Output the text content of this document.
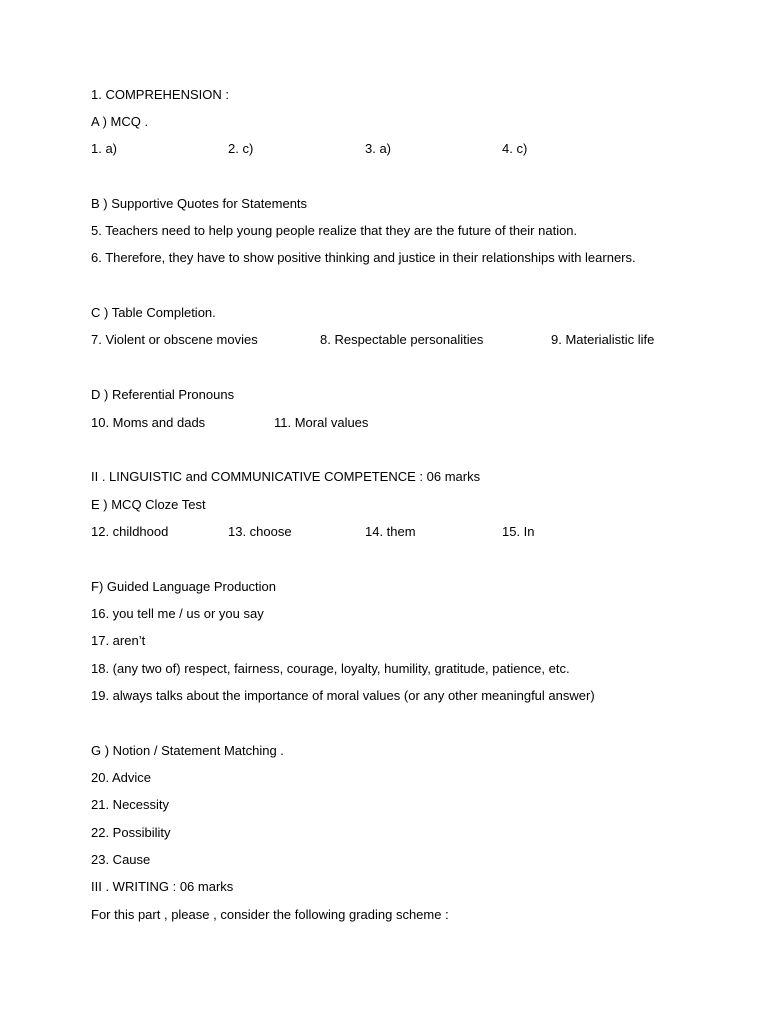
1. COMPREHENSION :
A ) MCQ .
1. a)	2. c)	3. a)	4. c)
B ) Supportive Quotes for Statements
5. Teachers need to help young people realize that they are the future of their nation.
6. Therefore, they have to show positive thinking and justice in their relationships with learners.
C ) Table Completion.
7. Violent or obscene movies	8. Respectable personalities	9. Materialistic life
D ) Referential Pronouns
10. Moms and dads	11. Moral values
II . LINGUISTIC and COMMUNICATIVE COMPETENCE : 06 marks
E ) MCQ Cloze Test
12. childhood	13. choose	14. them	15. In
F) Guided Language Production
16. you tell me / us or you say
17. aren’t
18. (any two of) respect, fairness, courage, loyalty, humility, gratitude, patience, etc.
19. always talks about the importance of moral values (or any other meaningful answer)
G ) Notion / Statement Matching .
20. Advice
21. Necessity
22. Possibility
23. Cause
III . WRITING : 06 marks
For this part , please , consider the following grading scheme :
